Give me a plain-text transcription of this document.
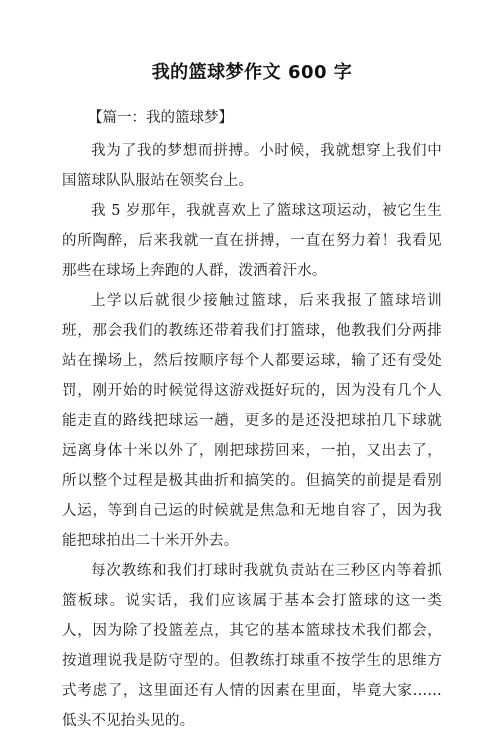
我的篮球梦作文 600 字
【篇一：我的篮球梦】

我为了我的梦想而拼搏。小时候，我就想穿上我们中国篮球队队服站在领奖台上。

我 5 岁那年，我就喜欢上了篮球这项运动，被它生生的所陶醉，后来我就一直在拼搏，一直在努力着！我看见那些在球场上奔跑的人群，泼洒着汗水。

上学以后就很少接触过篮球，后来我报了篮球培训班，那会我们的教练还带着我们打篮球，他教我们分两排站在操场上，然后按顺序每个人都要运球，输了还有受处罚，刚开始的时候觉得这游戏挺好玩的，因为没有几个人能走直的路线把球运一趟，更多的是还没把球拍几下球就远离身体十米以外了，刚把球捞回来，一拍，又出去了，所以整个过程是极其曲折和搞笑的。但搞笑的前提是看别人运，等到自己运的时候就是焦急和无地自容了，因为我能把球拍出二十米开外去。

每次教练和我们打球时我就负责站在三秒区内等着抓篮板球。说实话，我们应该属于基本会打篮球的这一类人，因为除了投篮差点，其它的基本篮球技术我们都会，按道理说我是防守型的。但教练打球重不按学生的思维方式考虑了，这里面还有人情的因素在里面，毕竟大家……低头不见抬头见的。
